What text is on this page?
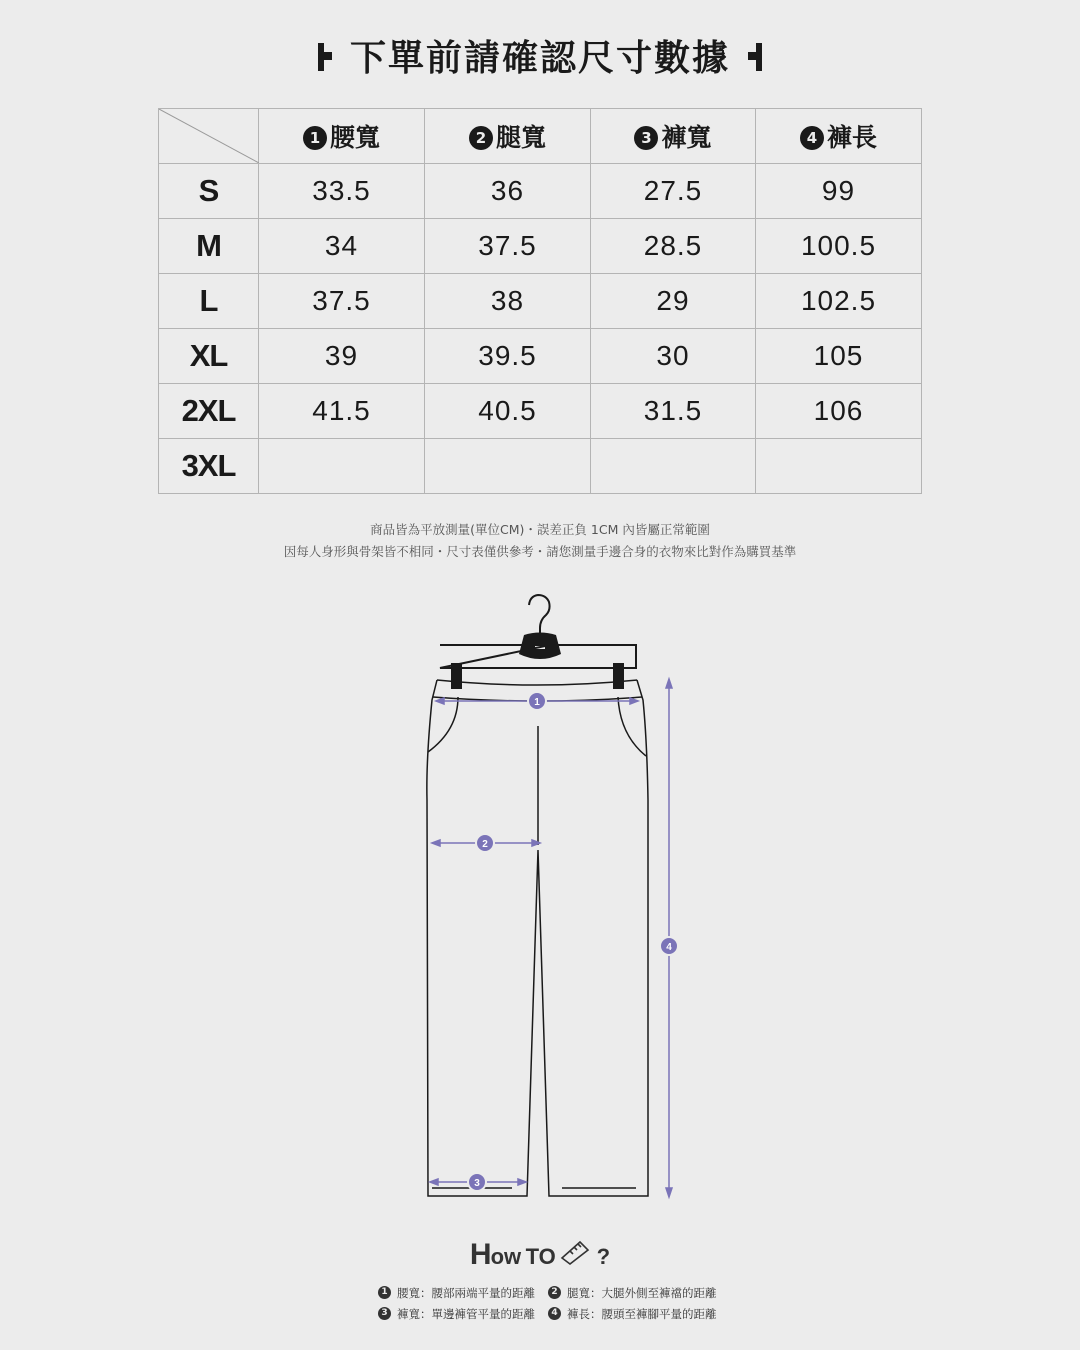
下單前請確認尺寸數據
	1 腰寬	2 腿寬	3 褲寬	4 褲長
S	33.5	36	27.5	99
M	34	37.5	28.5	100.5
L	37.5	38	29	102.5
XL	39	39.5	30	105
2XL	41.5	40.5	31.5	106
3XL				
商品皆為平放測量(單位CM)・誤差正負 1CM 內皆屬正常範圍
因每人身形與骨架皆不相同・尺寸表僅供參考・請您測量手邊合身的衣物來比對作為購買基準
1
2
3
4
How TO ?
1 腰寬：腰部兩端平量的距離	2 腿寬：大腿外側至褲襠的距離
3 褲寬：單邊褲管平量的距離	4 褲長：腰頭至褲腳平量的距離
